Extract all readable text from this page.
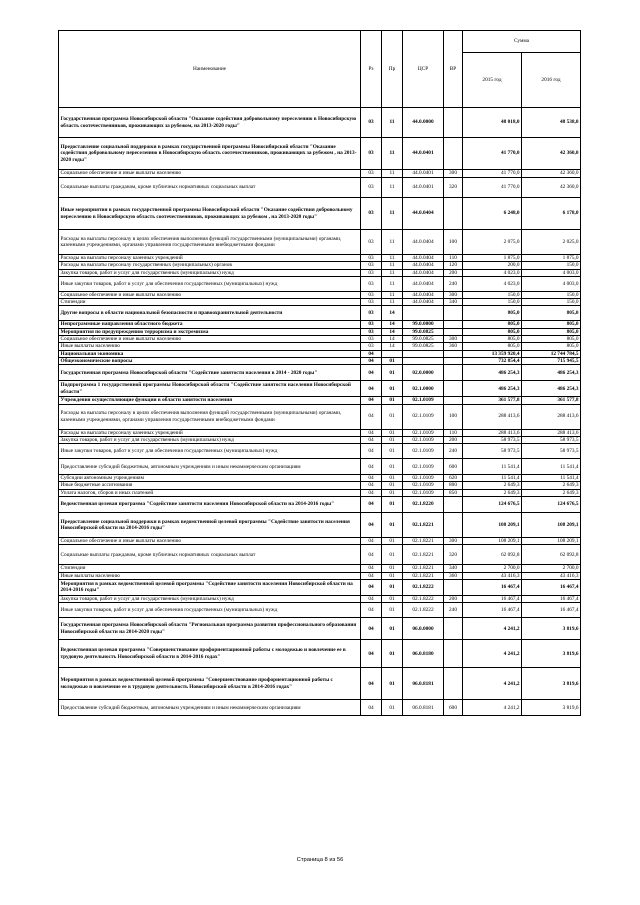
Наименование	Рз	Пр	ЦСР	ВР	Сумма	
					2015 год	2016 год
Государственная программа Новосибирской области "Оказание содействия добровольному переселению в Новосибирскую область соотечественников, проживающих за рубежом, на 2013-2020 годы"	03	11	44.0.0000		48 018,0	48 538,0
Предоставление социальной поддержки в рамках государственной программы Новосибирской области "Оказание содействия добровольному переселению в Новосибирскую область соотечественников, проживающих за рубежом , на 2013-2020 годы"	03	11	44.0.0401		41 770,0	42 360,0
Социальное обеспечение и иные выплаты населению	03	11	44.0.0401	300	41 770,0	42 360,0
Социальные выплаты гражданам, кроме публичных нормативных социальных выплат	03	11	44.0.0401	320	41 770,0	42 360,0
Иные мероприятия в рамках государственной программы Новосибирской области "Оказание содействия добровольному переселению в Новосибирскую область соотечественников, проживающих за рубежом , на 2013-2020 годы"	03	11	44.0.0404		6 248,0	6 178,0
Расходы на выплаты персоналу в целях обеспечения выполнения функций государственными (муниципальными) органами, казенными учреждениями, органами управления государственными внебюджетными фондами	03	11	44.0.0404	100	2 075,0	2 025,0
Расходы на выплаты персоналу казенных учреждений	03	11	44.0.0404	110	1 875,0	1 875,0
Расходы на выплаты персоналу государственных (муниципальных) органов	03	11	44.0.0404	120	200,0	150,0
Закупка товаров, работ и услуг для государственных (муниципальных) нужд	03	11	44.0.0404	200	4 023,0	4 003,0
Иные закупки товаров, работ и услуг для обеспечения государственных (муниципальных) нужд	03	11	44.0.0404	240	4 023,0	4 003,0
Социальное обеспечение и иные выплаты населению	03	11	44.0.0404	300	150,0	150,0
Стипендии	03	11	44.0.0404	340	150,0	150,0
Другие вопросы в области национальной безопасности и правоохранительной деятельности	03	14			805,0	805,0
Непрограммные направления областного бюджета	03	14	99.0.0000		805,0	805,0
Мероприятия по предупреждению терроризма и экстремизма	03	14	99.0.0825		805,0	805,0
Социальное обеспечение и иные выплаты населению	03	14	99.0.0825	300	805,0	805,0
Иные выплаты населению	03	14	99.0.0825	360	805,0	805,0
Национальная экономика	04				13 359 920,4	12 744 784,5
Общеэкономические вопросы	04	01			732 854,4	715 945,5
Государственная программа Новосибирской области "Содействие занятости населения в 2014 - 2020 годы"	04	01	02.0.0000		486 254,3	486 254,3
Подпрограмма 1 государственной программы Новосибирской области "Содействие занятости населения Новосибирской области"	04	01	02.1.0000		486 254,3	486 254,3
Учреждения осуществляющие функции в области занятости населения	04	01	02.1.0109		361 577,8	361 577,8
Расходы на выплаты персоналу в целях обеспечения выполнения функций государственными (муниципальными) органами, казенными учреждениями, органами управления государственными внебюджетными фондами	04	01	02.1.0109	100	288 413,6	288 413,6
Расходы на выплаты персоналу казенных учреждений	04	01	02.1.0109	110	288 413,6	288 413,6
Закупка товаров, работ и услуг для государственных (муниципальных) нужд	04	01	02.1.0109	200	58 973,5	58 973,5
Иные закупки товаров, работ и услуг для обеспечения государственных (муниципальных) нужд	04	01	02.1.0109	240	58 973,5	58 973,5
Предоставление субсидий бюджетным, автономным учреждениям и иным некоммерческим организациям	04	01	02.1.0109	600	11 541,4	11 541,4
Субсидии автономным учреждениям	04	01	02.1.0109	620	11 541,4	11 541,4
Иные бюджетные ассигнования	04	01	02.1.0109	800	2 649,3	2 649,3
Уплата налогов, сборов и иных платежей	04	01	02.1.0109	850	2 649,3	2 649,3
Ведомственная целевая программа "Содействие занятости населения Новосибирской области на 2014-2016 годы"	04	01	02.1.8220		124 676,5	124 676,5
Предоставление социальной поддержки в рамках ведомственной целевой программы "Содействие занятости населения Новосибирской области на 2014-2016 годы"	04	01	02.1.8221		108 209,1	108 209,1
Социальное обеспечение и иные выплаты населению	04	01	02.1.8221	300	108 209,1	108 209,1
Социальные выплаты гражданам, кроме публичных нормативных социальных выплат	04	01	02.1.8221	320	62 092,8	62 092,8
Стипендии	04	01	02.1.8221	340	2 700,0	2 700,0
Иные выплаты населению	04	01	02.1.8221	360	43 416,3	43 416,3
Мероприятия в рамках ведомственной целевой программы "Содействие занятости населения Новосибирской области на 2014-2016 годы"	04	01	02.1.8222		16 467,4	16 467,4
Закупка товаров, работ и услуг для государственных (муниципальных) нужд	04	01	02.1.8222	200	16 467,4	16 467,4
Иные закупки товаров, работ и услуг для обеспечения государственных (муниципальных) нужд	04	01	02.1.8222	240	16 467,4	16 467,4
Государственная программа Новосибирской области "Региональная программа развития профессионального образования Новосибирской области на 2014-2020 годы"	04	01	06.0.0000		4 241,2	3 819,6
Ведомственная целевая программа "Совершенствование профориентационной работы с молодежью и вовлечение ее в трудовую деятельность Новосибирской области в 2014-2016 годах"	04	01	06.0.8180		4 241,2	3 819,6
Мероприятия в рамках ведомственной целевой программы "Совершенствование профориентационной работы с молодежью и вовлечение ее в трудовую деятельность Новосибирской области в 2014-2016 годах"	04	01	06.0.8181		4 241,2	3 819,6
Предоставление субсидий бюджетным, автономным учреждениям и иным некоммерческим организациям	04	01	06.0.8181	600	4 241,2	3 819,6
Страница 8 из 56
